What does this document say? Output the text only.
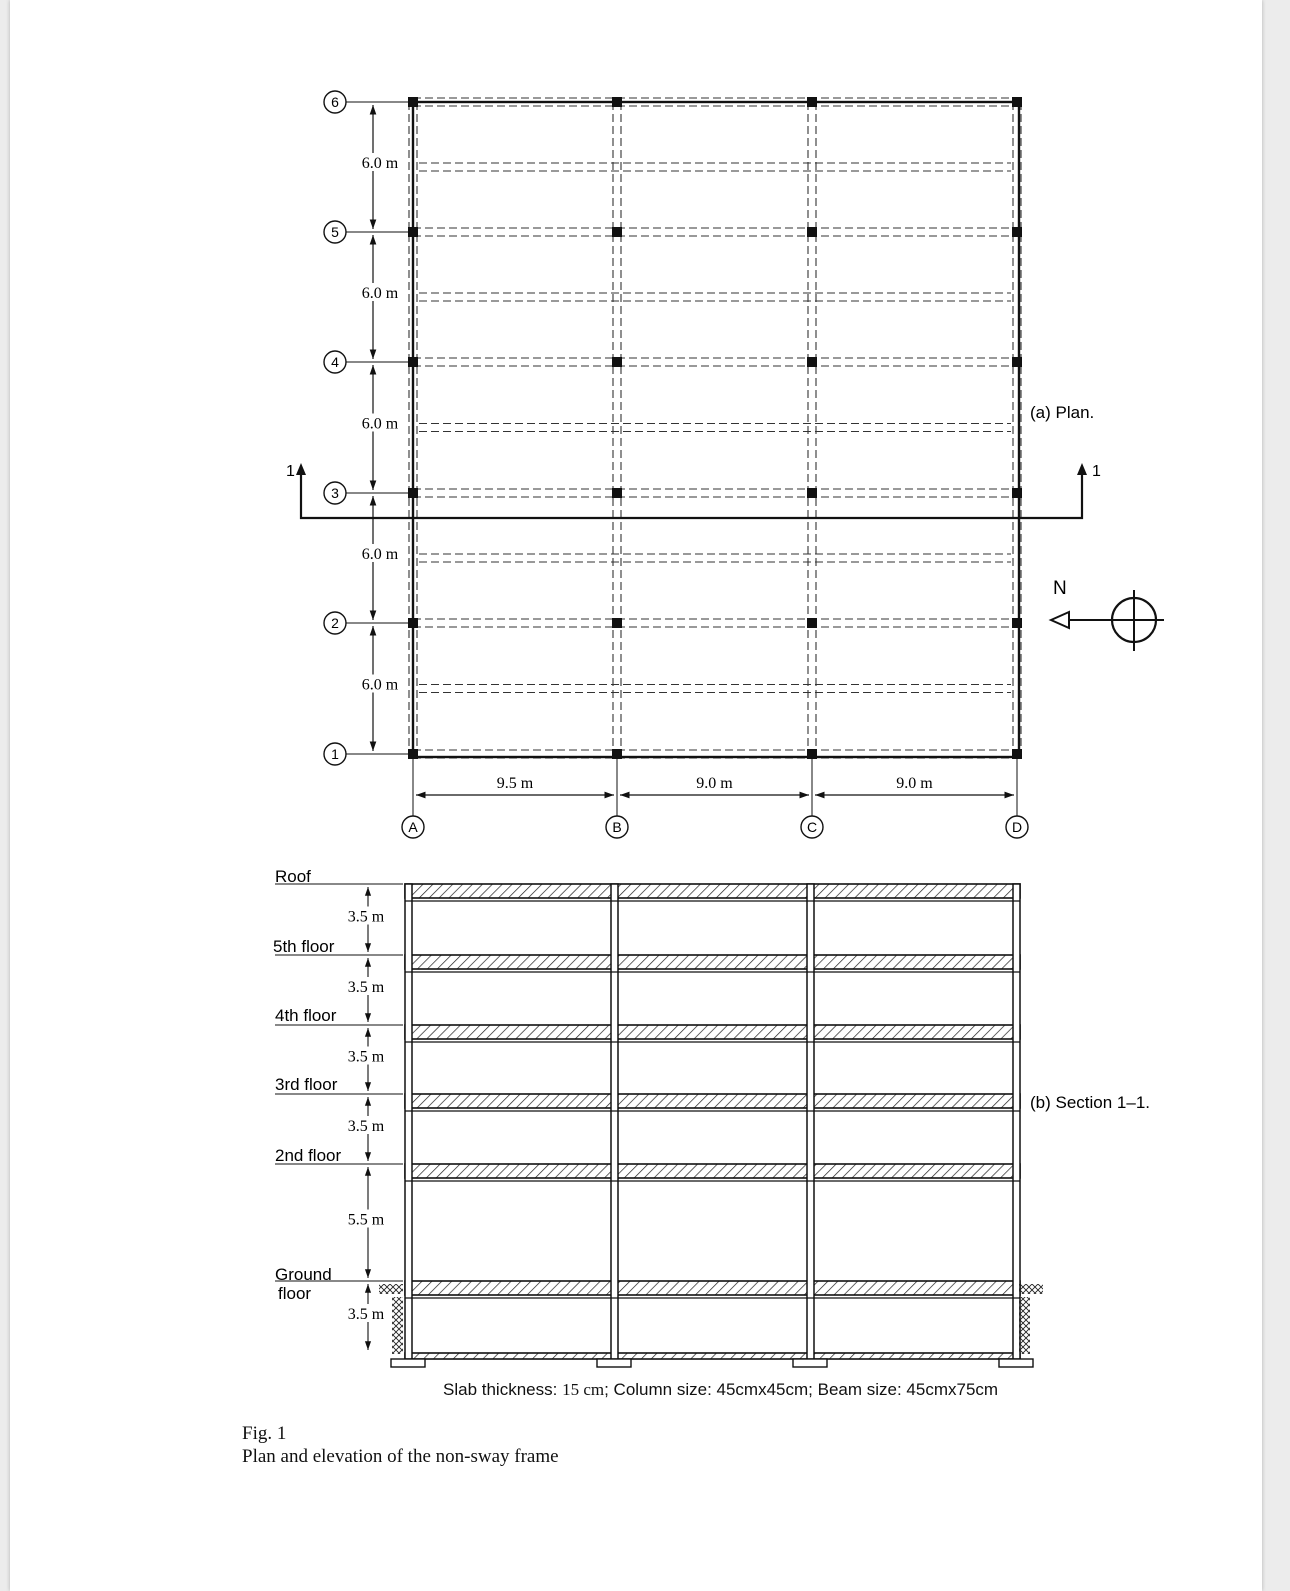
1	1
1
2
3
4
5
6
6.0 m
6.0 m
6.0 m
6.0 m
6.0 m
A	B	C	D
9.5 m	9.0 m	9.0 m
(a) Plan.
N
3.5 m
3.5 m
3.5 m
3.5 m
5.5 m
3.5 m
Roof
5th floor
4th floor
3rd floor
2nd floor
Ground
floor
(b) Section 1–1.
Slab thickness: 15 cm; Column size: 45cmx45cm; Beam size: 45cmx75cm
Fig. 1
Plan and elevation of the non-sway frame
